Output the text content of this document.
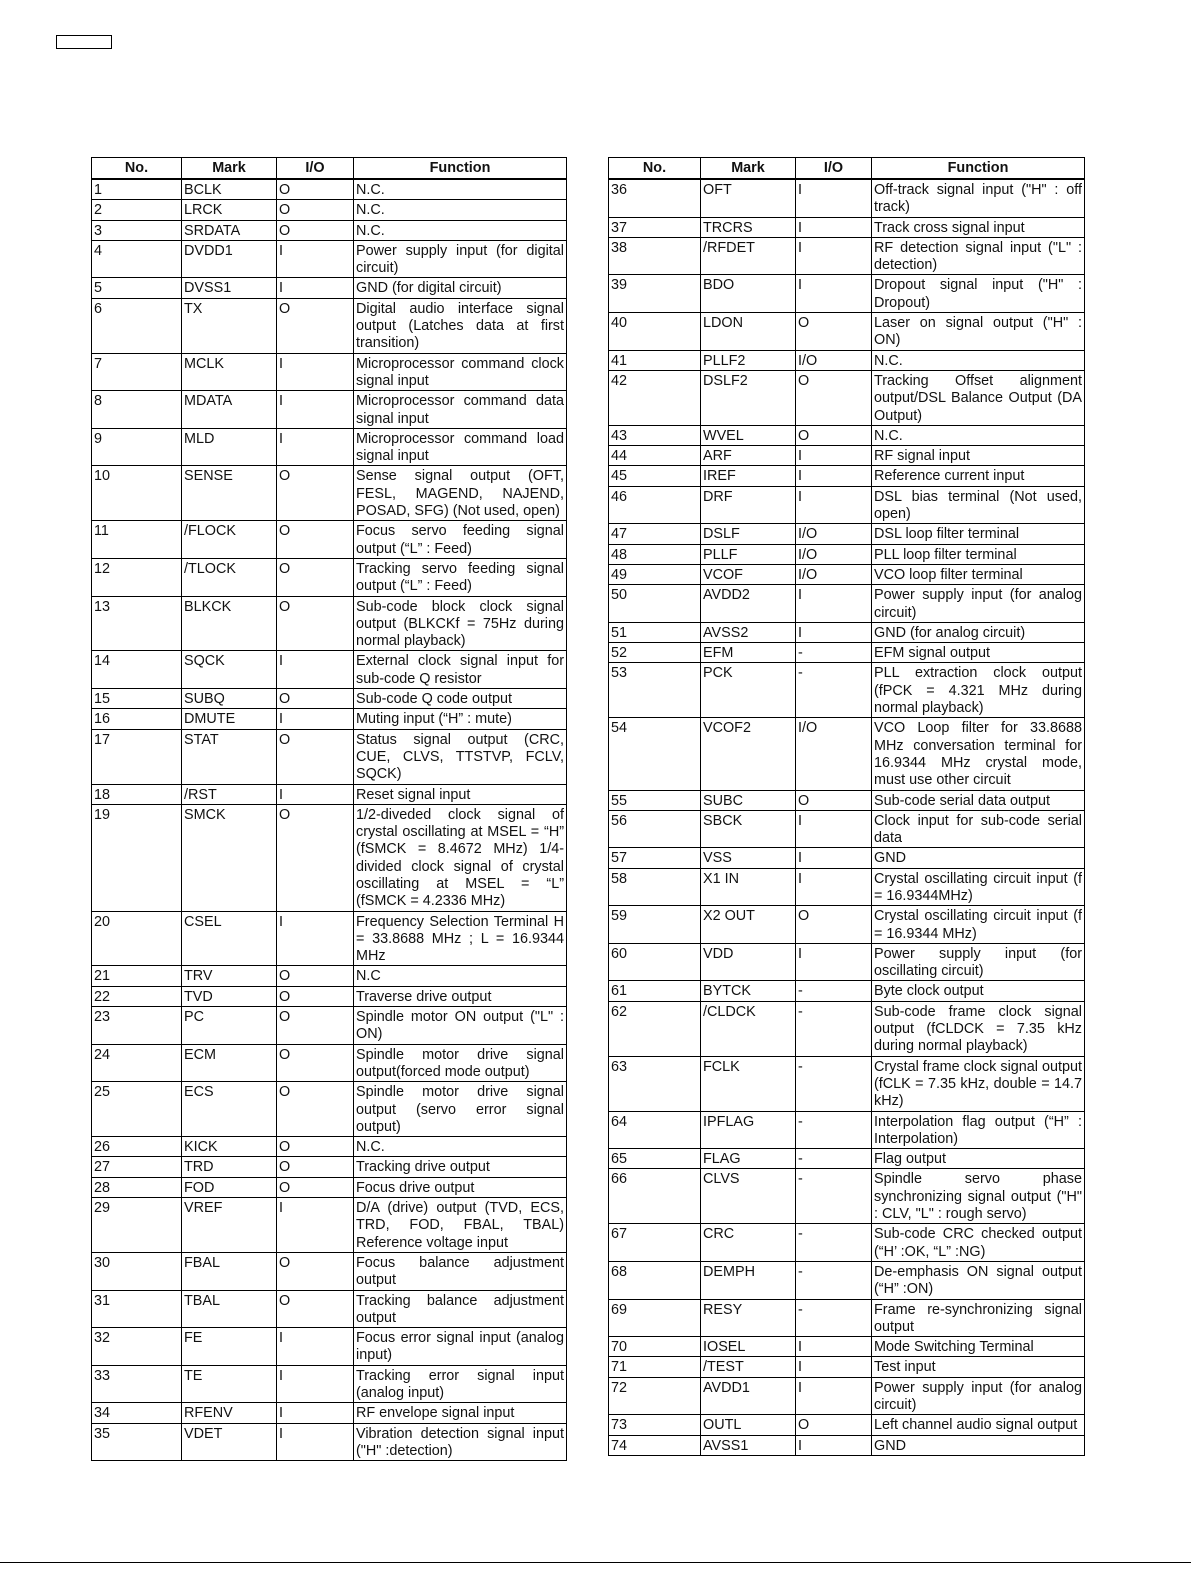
No.	Mark	I/O	Function
1	BCLK	O	N.C.
2	LRCK	O	N.C.
3	SRDATA	O	N.C.
4	DVDD1	I	Power supply input (for digital circuit)
5	DVSS1	I	GND (for digital circuit)
6	TX	O	Digital audio interface signal output (Latches data at first transition)
7	MCLK	I	Microprocessor command clock signal input
8	MDATA	I	Microprocessor command data signal input
9	MLD	I	Microprocessor command load signal input
10	SENSE	O	Sense signal output (OFT, FESL, MAGEND, NAJEND, POSAD, SFG) (Not used, open)
11	/FLOCK	O	Focus servo feeding signal output (“L” : Feed)
12	/TLOCK	O	Tracking servo feeding signal output (“L” : Feed)
13	BLKCK	O	Sub-code block clock signal output (BLKCKf = 75Hz during normal playback)
14	SQCK	I	External clock signal input for sub-code Q resistor
15	SUBQ	O	Sub-code Q code output
16	DMUTE	I	Muting input (“H” : mute)
17	STAT	O	Status signal output (CRC, CUE, CLVS, TTSTVP, FCLV, SQCK)
18	/RST	I	Reset signal input
19	SMCK	O	1/2-diveded clock signal of crystal oscillating at MSEL = “H” (fSMCK = 8.4672 MHz) 1/4-divided clock signal of crystal oscillating at MSEL = “L” (fSMCK = 4.2336 MHz)
20	CSEL	I	Frequency Selection Terminal H = 33.8688 MHz ; L = 16.9344 MHz
21	TRV	O	N.C
22	TVD	O	Traverse drive output
23	PC	O	Spindle motor ON output ("L" : ON)
24	ECM	O	Spindle motor drive signal output(forced mode output)
25	ECS	O	Spindle motor drive signal output (servo error signal output)
26	KICK	O	N.C.
27	TRD	O	Tracking drive output
28	FOD	O	Focus drive output
29	VREF	I	D/A (drive) output (TVD, ECS, TRD, FOD, FBAL, TBAL) Reference voltage input
30	FBAL	O	Focus balance adjustment output
31	TBAL	O	Tracking balance adjustment output
32	FE	I	Focus error signal input (analog input)
33	TE	I	Tracking error signal input (analog input)
34	RFENV	I	RF envelope signal input
35	VDET	I	Vibration detection signal input ("H" :detection)
No.	Mark	I/O	Function
36	OFT	I	Off-track signal input ("H" : off track)
37	TRCRS	I	Track cross signal input
38	/RFDET	I	RF detection signal input ("L" : detection)
39	BDO	I	Dropout signal input ("H" : Dropout)
40	LDON	O	Laser on signal output ("H" : ON)
41	PLLF2	I/O	N.C.
42	DSLF2	O	Tracking Offset alignment output/DSL Balance Output (DA Output)
43	WVEL	O	N.C.
44	ARF	I	RF signal input
45	IREF	I	Reference current input
46	DRF	I	DSL bias terminal (Not used, open)
47	DSLF	I/O	DSL loop filter terminal
48	PLLF	I/O	PLL loop filter terminal
49	VCOF	I/O	VCO loop filter terminal
50	AVDD2	I	Power supply input (for analog circuit)
51	AVSS2	I	GND (for analog circuit)
52	EFM	-	EFM signal output
53	PCK	-	PLL extraction clock output (fPCK = 4.321 MHz during normal playback)
54	VCOF2	I/O	VCO Loop filter for 33.8688 MHz conversation terminal for 16.9344 MHz crystal mode, must use other circuit
55	SUBC	O	Sub-code serial data output
56	SBCK	I	Clock input for sub-code serial data
57	VSS	I	GND
58	X1 IN	I	Crystal oscillating circuit input (f = 16.9344MHz)
59	X2 OUT	O	Crystal oscillating circuit input (f = 16.9344 MHz)
60	VDD	I	Power supply input (for oscillating circuit)
61	BYTCK	-	Byte clock output
62	/CLDCK	-	Sub-code frame clock signal output (fCLDCK = 7.35 kHz during normal playback)
63	FCLK	-	Crystal frame clock signal output (fCLK = 7.35 kHz, double = 14.7 kHz)
64	IPFLAG	-	Interpolation flag output (“H” : Interpolation)
65	FLAG	-	Flag output
66	CLVS	-	Spindle servo phase synchronizing signal output ("H" : CLV, "L" : rough servo)
67	CRC	-	Sub-code CRC checked output (“H’ :OK, “L” :NG)
68	DEMPH	-	De-emphasis ON signal output (“H” :ON)
69	RESY	-	Frame re-synchronizing signal output
70	IOSEL	I	Mode Switching Terminal
71	/TEST	I	Test input
72	AVDD1	I	Power supply input (for analog circuit)
73	OUTL	O	Left channel audio signal output
74	AVSS1	I	GND
